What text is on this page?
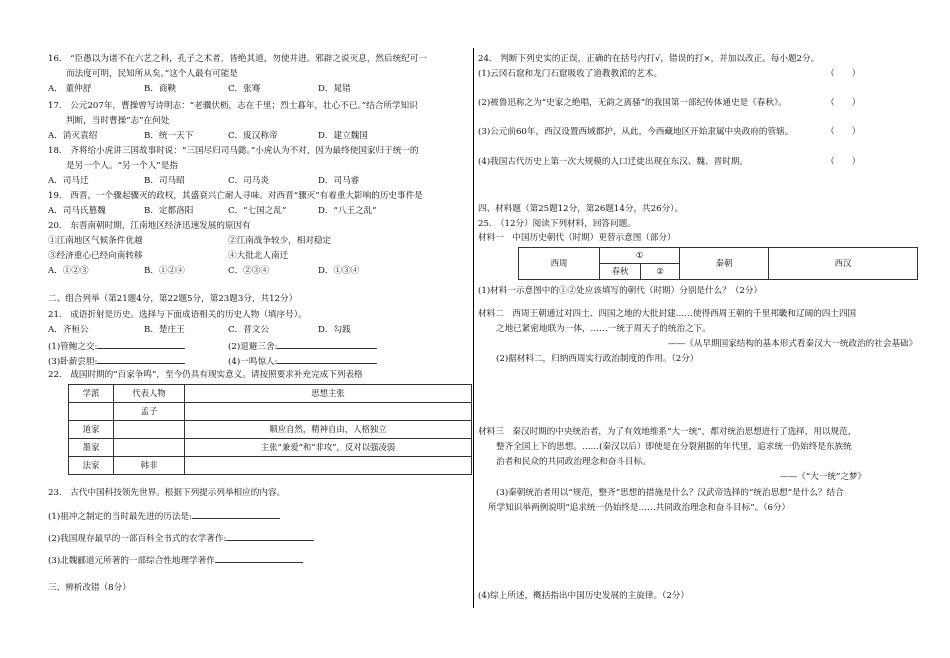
16.　“臣愚以为诸不在六艺之科，孔子之术者，皆绝其道，勿使并进。邪辟之说灭息，然后统纪可一
而法度可明，民知所从矣。”这个人最有可能是
A.　董仲舒	B．商鞅	C．张骞	D．晁错
17.　公元207年，曹操曾写诗明志：“老骥伏枥，志在千里；烈士暮年，壮心不已。”结合所学知识
判断，当时曹操“志”在何处
A．消灭袁绍	B．统一天下	C．废汉称帝	D．建立魏国
18.　齐将给小虎讲三国故事时说：“三国尽归司马懿。”小虎认为不对，因为最终使国家归于统一的
是另一个人。“另一个人”是指
A．司马迁	B．司马昭	C．司马炎	D．司马睿
19.　西晋，一个骤起骤灭的政权，其盛衰兴亡耐人寻味。对西晋“骤灭”有着重大影响的历史事件是
A．司马氏篡魏	B．定都洛阳	C．“七国之乱”	D．“八王之乱”
20.　东晋南朝时期，江南地区经济迅速发展的原因有
①江南地区气候条件优越	②江南战争较少，相对稳定
③经济重心已经向南转移	④大批北人南迁
A．①②③	B．①②④	C．②③④	D．①③④
二、组合列举（第21题4分，第22题5分，第23题3分，共12分）
21.　成语折射是历史。选择与下面成语相关的历史人物（填序号）。
A．齐桓公	B．楚庄王	C．晋文公	D．勾践
(1)管鲍之交:	(2)退避三舍:
(3)卧薪尝胆:	(4)一鸣惊人:
22.　战国时期的“百家争鸣”，至今仍具有现实意义。请按照要求补充完成下列表格
学派	代表人物	思想主张
	孟子	
道家		顺应自然，精神自由，人格独立
墨家		主张“兼爱”和“非攻”，反对以强凌弱
法家	韩非	
23.　古代中国科技领先世界。根据下列提示列举相应的内容。
(1)祖冲之制定的当时最先进的历法是:
(2)我国现存最早的一部百科全书式的农学著作:
(3)北魏郦道元所著的一部综合性地理学著作
三、辨析改错（8分）
24.　判断下列史实的正误，正确的在括号内打√，错误的打×，并加以改正。每小题2分。
(1)云冈石窟和龙门石窟吸收了道教教派的艺术。	（　　）
(2)被鲁迅称之为“史家之绝唱，无韵之离骚”的我国第一部纪传体通史是《春秋》。	（　　）
(3)公元前60年，西汉设置西域都护，从此，今西藏地区开始隶属中央政府的管辖。	（　　）
(4)我国古代历史上第一次大规模的人口迁徙出现在东汉、魏、晋时期。	（　　）
四、材料题（第25题12分，第26题14分，共26分）。
25.　（12分）阅读下列材料，回答问题。
材料一　中国历史朝代（时期）更替示意图（部分）
西周	①		秦朝	西汉
	春秋	②		
(1)材料一示意图中的①②处应该填写的朝代（时期）分别是什么？（2分）
材料二　西周王朝通过对四土、四国之地的大批封建……使得西周王朝的千里邦畿和辽阔的四土四国
之地已紧密地联为一体，……一统于周天子的统治之下。
——《从早期国家结构的基本形式看秦汉大一统政治的社会基础》
(2)据材料二，归纳西周实行政治制度的作用。（2分）
材料三　秦汉时期的中央统治者，为了有效地维系“大一统”，都对统治思想进行了选择，用以规范，
整齐全国上下的思想。……(秦汉以后）即使是在分裂割据的年代里，追求统一仍始终是东族统
治者和民众的共同政治理念和奋斗目标。
——《“大一统”之梦》
(3)秦朝统治者用以“规范，整齐”思想的措施是什么？汉武帝选择的“统治思想”是什么？结合
所学知识举两例说明“追求统一仍始终是……共同政治理念和奋斗目标”。（6分）
(4)综上所述，概括指出中国历史发展的主旋律。（2分）
